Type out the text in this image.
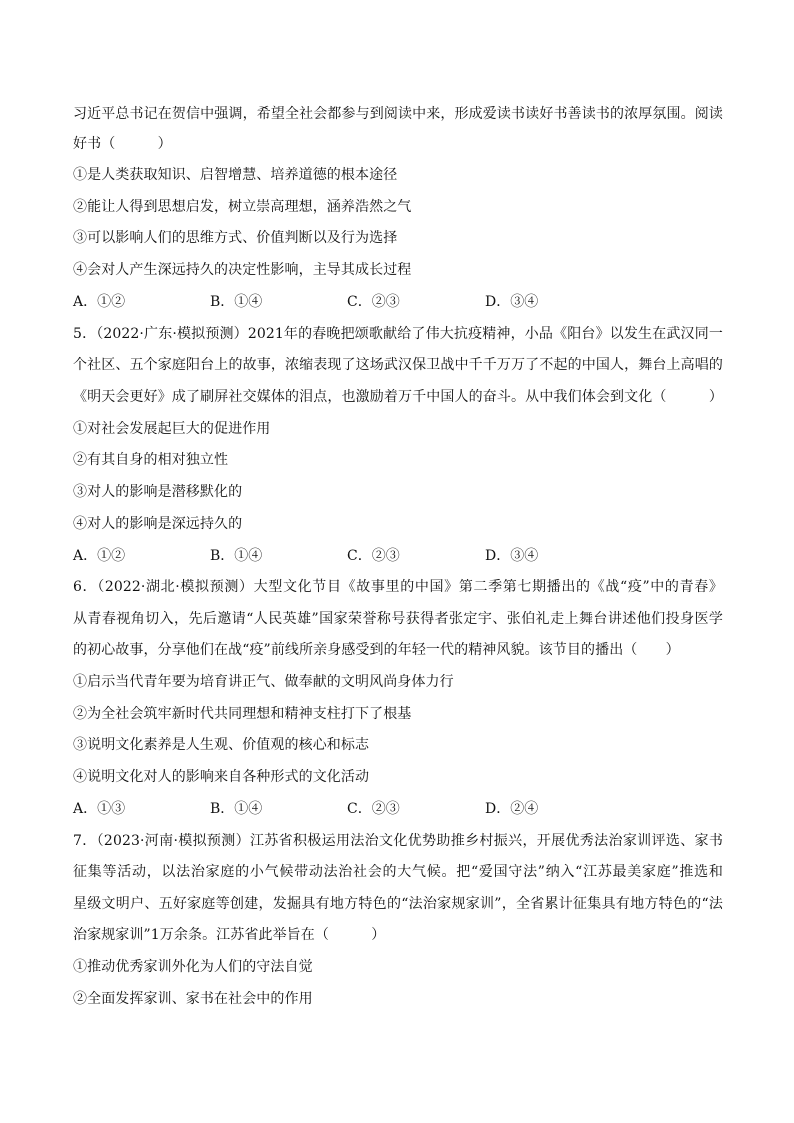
习近平总书记在贺信中强调，希望全社会都参与到阅读中来，形成爱读书读好书善读书的浓厚氛围。阅读
好书（　　　）
①是人类获取知识、启智增慧、培养道德的根本途径
②能让人得到思想启发，树立崇高理想，涵养浩然之气
③可以影响人们的思维方式、价值判断以及行为选择
④会对人产生深远持久的决定性影响，主导其成长过程
A．①②	B．①④	C．②③	D．③④
5．（2022·广东·模拟预测）2021年的春晚把颂歌献给了伟大抗疫精神，小品《阳台》以发生在武汉同一
个社区、五个家庭阳台上的故事，浓缩表现了这场武汉保卫战中千千万万了不起的中国人，舞台上高唱的
《明天会更好》成了刷屏社交媒体的泪点，也激励着万千中国人的奋斗。从中我们体会到文化（　　　）
①对社会发展起巨大的促进作用
②有其自身的相对独立性
③对人的影响是潜移默化的
④对人的影响是深远持久的
A．①②	B．①④	C．②③	D．③④
6．（2022·湖北·模拟预测）大型文化节目《故事里的中国》第二季第七期播出的《战“疫”中的青春》
从青春视角切入，先后邀请“人民英雄”国家荣誉称号获得者张定宇、张伯礼走上舞台讲述他们投身医学
的初心故事，分享他们在战“疫”前线所亲身感受到的年轻一代的精神风貌。该节目的播出（　　）
①启示当代青年要为培育讲正气、做奉献的文明风尚身体力行
②为全社会筑牢新时代共同理想和精神支柱打下了根基
③说明文化素养是人生观、价值观的核心和标志
④说明文化对人的影响来自各种形式的文化活动
A．①③	B．①④	C．②③	D．②④
7．（2023·河南·模拟预测）江苏省积极运用法治文化优势助推乡村振兴，开展优秀法治家训评选、家书
征集等活动，以法治家庭的小气候带动法治社会的大气候。把“爱国守法”纳入“江苏最美家庭”推选和
星级文明户、五好家庭等创建，发掘具有地方特色的“法治家规家训”，全省累计征集具有地方特色的“法
治家规家训”1万余条。江苏省此举旨在（　　　）
①推动优秀家训外化为人们的守法自觉
②全面发挥家训、家书在社会中的作用
